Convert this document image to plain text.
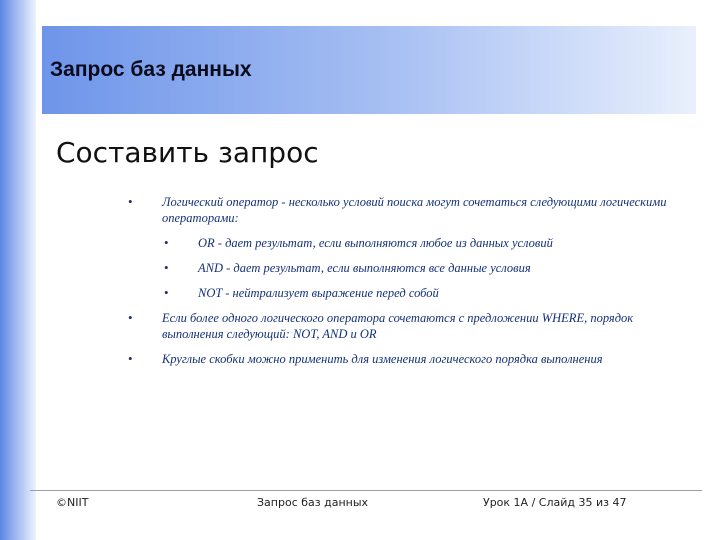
Запрос баз данных
Составить запрос
• Логический оператор - несколько условий поиска могут сочетаться следующими логическими операторами:
• OR - дает результат, если выполняются любое из данных условий
• AND - дает результат, если выполняются все данные условия
• NOT - нейтрализует выражение перед собой
• Если более одного логического оператора сочетаются с предложении WHERE, порядок выполнения следующий: NOT, AND и OR
• Круглые скобки можно применить для изменения логического порядка выполнения
©NIIT	Запрос баз данных	Урок 1А / Слайд 35 из 47
